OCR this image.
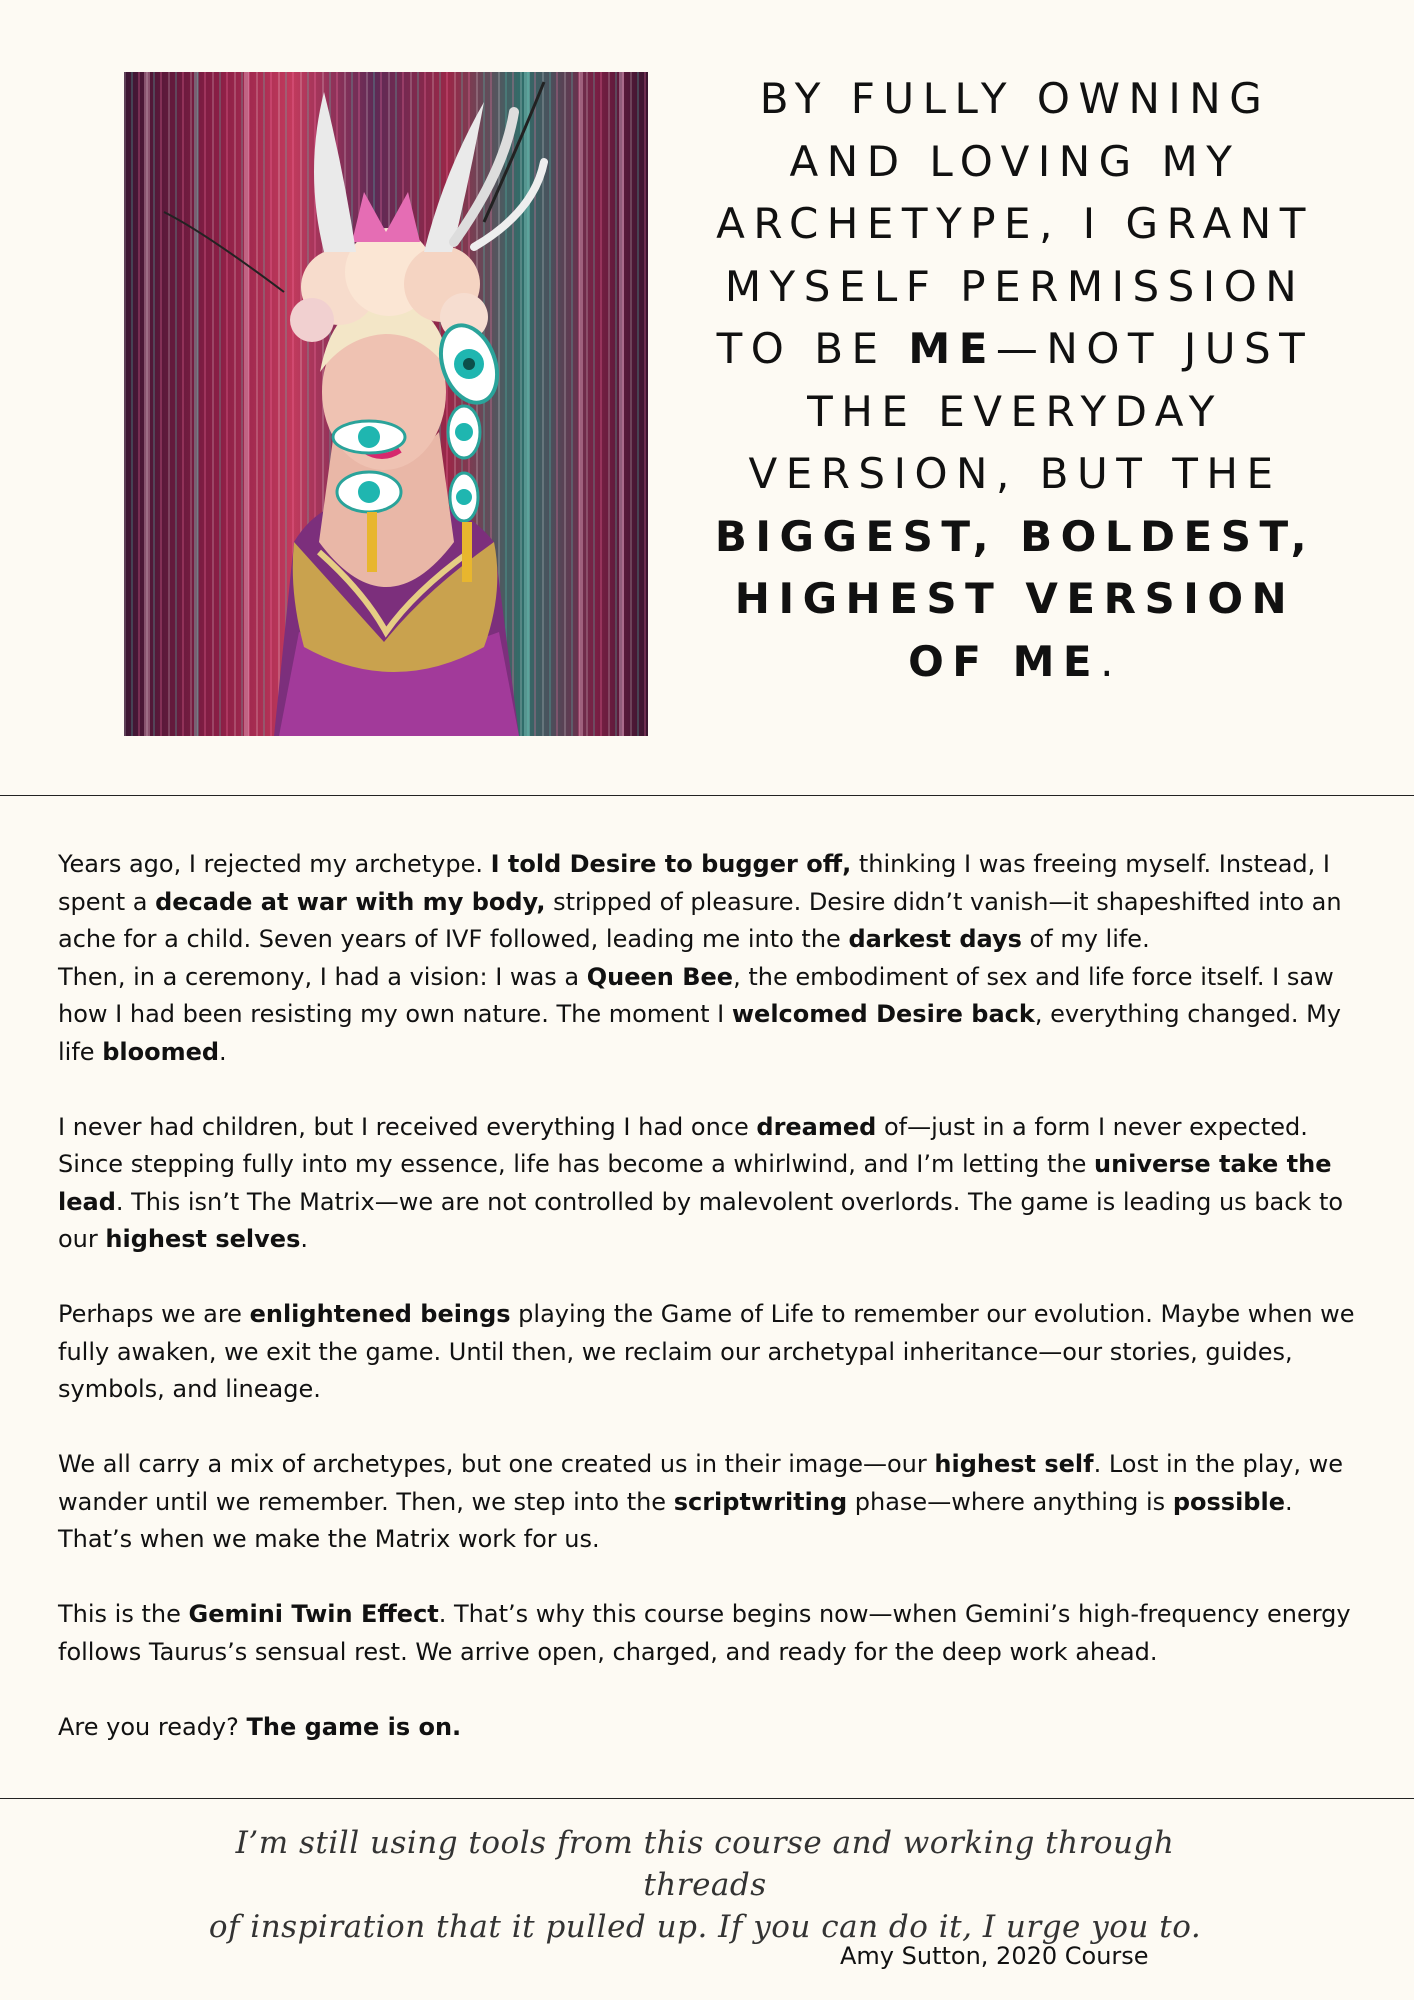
BY FULLY OWNING AND LOVING MY ARCHETYPE, I GRANT MYSELF PERMISSION TO BE ME—NOT JUST THE EVERYDAY VERSION, BUT THE BIGGEST, BOLDEST, HIGHEST VERSION OF ME.
Years ago, I rejected my archetype. I told Desire to bugger off, thinking I was freeing myself. Instead, I spent a decade at war with my body, stripped of pleasure. Desire didn’t vanish—it shapeshifted into an ache for a child. Seven years of IVF followed, leading me into the darkest days of my life.

Then, in a ceremony, I had a vision: I was a Queen Bee, the embodiment of sex and life force itself. I saw how I had been resisting my own nature. The moment I welcomed Desire back, everything changed. My life bloomed.

I never had children, but I received everything I had once dreamed of—just in a form I never expected. Since stepping fully into my essence, life has become a whirlwind, and I’m letting the universe take the lead. This isn’t The Matrix—we are not controlled by malevolent overlords. The game is leading us back to our highest selves.

Perhaps we are enlightened beings playing the Game of Life to remember our evolution. Maybe when we fully awaken, we exit the game. Until then, we reclaim our archetypal inheritance—our stories, guides, symbols, and lineage.

We all carry a mix of archetypes, but one created us in their image—our highest self. Lost in the play, we wander until we remember. Then, we step into the scriptwriting phase—where anything is possible. That’s when we make the Matrix work for us.

This is the Gemini Twin Effect. That’s why this course begins now—when Gemini’s high-frequency energy follows Taurus’s sensual rest. We arrive open, charged, and ready for the deep work ahead.

Are you ready? The game is on.

I’m still using tools from this course and working through threads
of inspiration that it pulled up. If you can do it, I urge you to.
Amy Sutton, 2020 Course
